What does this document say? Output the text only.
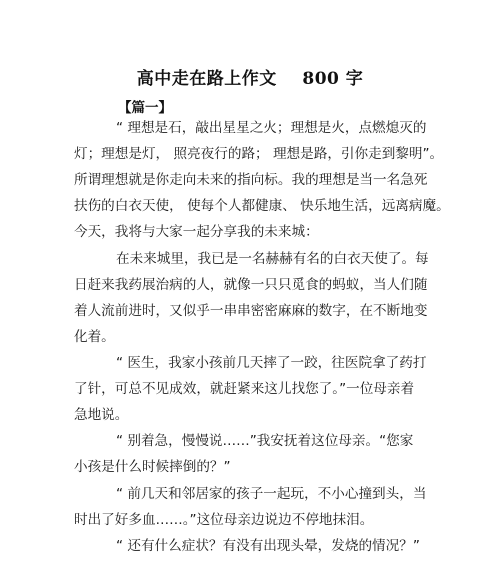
高中走在路上作文    800 字
【篇一】
“ 理想是石，敲出星星之火；理想是火，点燃熄灭的
灯；理想是灯， 照亮夜行的路； 理想是路，引你走到黎明”。
所谓理想就是你走向未来的指向标。我的理想是当一名急死
扶伤的白衣天使， 使每个人都健康、 快乐地生活，远离病魔。
今天，我将与大家一起分享我的未来城：
在未来城里，我已是一名赫赫有名的白衣天使了。每
日赶来我药展治病的人，就像一只只觅食的蚂蚁，当人们随
着人流前进时，又似乎一串串密密麻麻的数字，在不断地变
化着。
“ 医生，我家小孩前几天摔了一跤，往医院拿了药打
了针，可总不见成效，就赶紧来这儿找您了。”一位母亲着
急地说。
“ 别着急，慢慢说……”我安抚着这位母亲。“您家
小孩是什么时候摔倒的？”
“ 前几天和邻居家的孩子一起玩，不小心撞到头，当
时出了好多血……。”这位母亲边说边不停地抹泪。
“ 还有什么症状？有没有出现头晕，发烧的情况？”
